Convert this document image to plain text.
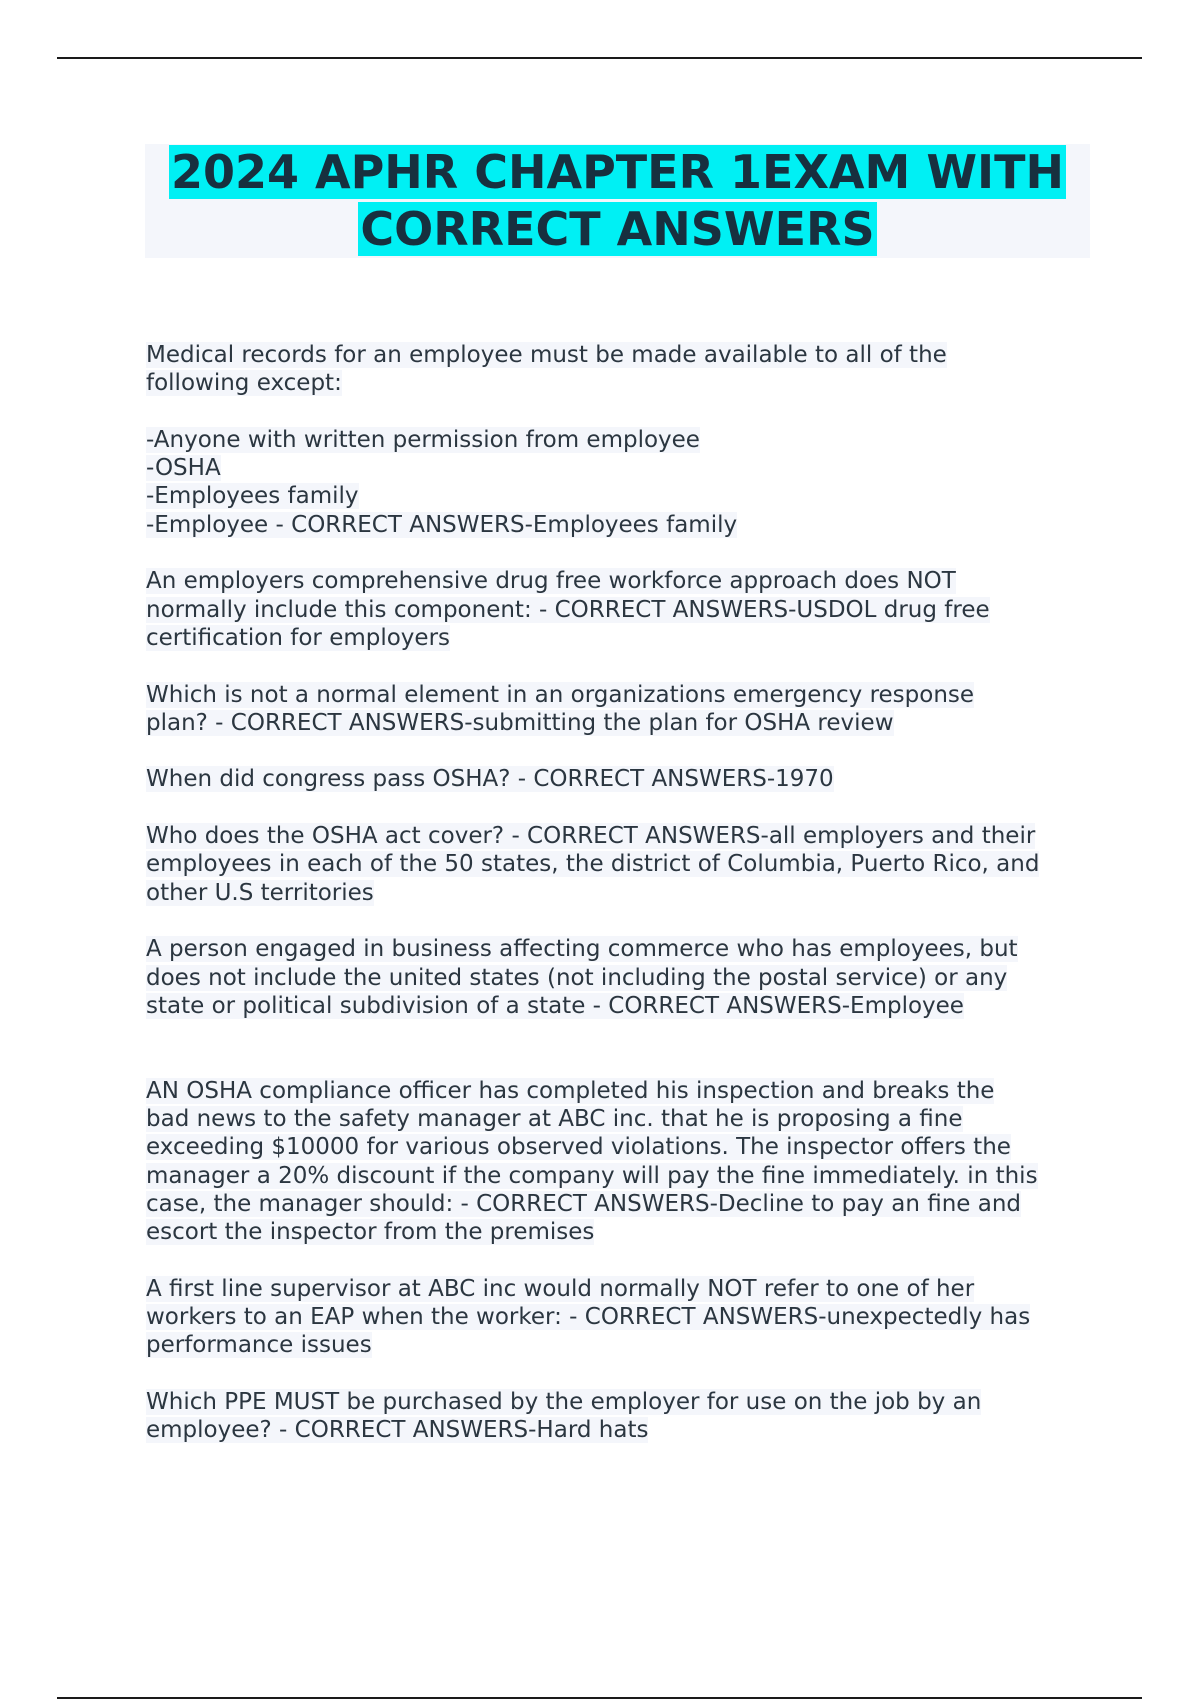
2024 APHR CHAPTER 1EXAM WITH
CORRECT ANSWERS
Medical records for an employee must be made available to all of the
following except:

-Anyone with written permission from employee
-OSHA
-Employees family
-Employee - CORRECT ANSWERS-Employees family
An employers comprehensive drug free workforce approach does NOT
normally include this component: - CORRECT ANSWERS-USDOL drug free
certification for employers
Which is not a normal element in an organizations emergency response
plan? - CORRECT ANSWERS-submitting the plan for OSHA review
When did congress pass OSHA? - CORRECT ANSWERS-1970
Who does the OSHA act cover? - CORRECT ANSWERS-all employers and their
employees in each of the 50 states, the district of Columbia, Puerto Rico, and
other U.S territories
A person engaged in business affecting commerce who has employees, but
does not include the united states (not including the postal service) or any
state or political subdivision of a state - CORRECT ANSWERS-Employee
AN OSHA compliance officer has completed his inspection and breaks the
bad news to the safety manager at ABC inc. that he is proposing a fine
exceeding $10000 for various observed violations. The inspector offers the
manager a 20% discount if the company will pay the fine immediately. in this
case, the manager should: - CORRECT ANSWERS-Decline to pay an fine and
escort the inspector from the premises
A first line supervisor at ABC inc would normally NOT refer to one of her
workers to an EAP when the worker: - CORRECT ANSWERS-unexpectedly has
performance issues
Which PPE MUST be purchased by the employer for use on the job by an
employee? - CORRECT ANSWERS-Hard hats
